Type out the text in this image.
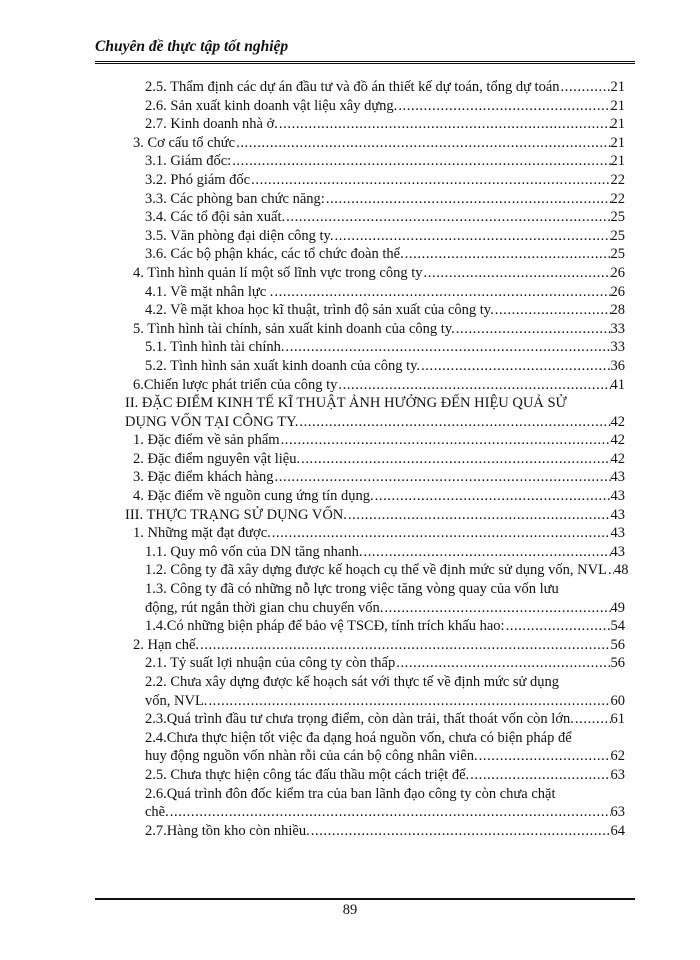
Chuyên đề thực tập tốt nghiệp
2.5. Thẩm định các dự án đầu tư và đồ án thiết kế dự toán, tổng dự toán .....	21
2.6. Sản xuất kinh doanh vật liệu xây dựng. .....	21
2.7. Kinh doanh nhà ở. .....	21
3. Cơ cấu tổ chức .....	21
3.1. Giám đốc: .....	21
3.2. Phó giám đốc .....	22
3.3. Các phòng ban chức năng: .....	22
3.4. Các tổ đội sản xuất. .....	25
3.5. Văn phòng đại diện công ty. .....	25
3.6. Các bộ phận khác, các tổ chức đoàn thể. .....	25
4. Tình hình quản lí một số lĩnh vực trong công ty .....	26
4.1. Về mặt nhân lực . .....	26
4.2. Về mặt khoa học kĩ thuật, trình độ sản xuất của công ty. .....	28
5. Tình hình tài chính, sản xuất kinh doanh của công ty. .....	33
5.1. Tình hình tài chính. .....	33
5.2. Tình hình sản xuất kinh doanh của công ty. .....	36
6.Chiến lược phát triển của công ty .....	41
II. ĐẶC ĐIỂM KINH TẾ KĨ THUẬT ẢNH HƯỞNG ĐẾN HIỆU QUẢ SỬ
DỤNG VỐN TẠI CÔNG TY. .....	42
1. Đặc điểm về sản phẩm .....	42
2. Đặc điểm nguyên vật liệu. .....	42
3. Đặc điểm khách hàng .....	43
4. Đặc điểm về nguồn cung ứng tín dụng. .....	43
III. THỰC TRẠNG SỬ DỤNG VỐN. .....	43
1. Những mặt đạt được. .....	43
1.1. Quy mô vốn của DN tăng nhanh. .....	43
1.2. Công ty đã xây dựng được kế hoạch cụ thể về định mức sử dụng vốn, NVL ..... 48
1.3. Công ty đã có những nỗ lực trong việc tăng vòng quay của vốn lưu
động, rút ngắn thời gian chu chuyển vốn. .....	49
1.4.Có những biện pháp để bảo vệ TSCĐ, tính trích khấu hao: .....	54
2. Hạn chế. .....	56
2.1. Tỷ suất lợi nhuận của công ty còn thấp .....	56
2.2. Chưa xây dựng được kế hoạch sát với thực tế về định mức sử dụng
vốn, NVL. .....	60
2.3.Quá trình đầu tư chưa trọng điểm, còn dàn trải, thất thoát vốn còn lớn. .....	61
2.4.Chưa thực hiện tốt việc đa dạng hoá nguồn vốn, chưa có biện pháp để
huy động nguồn vốn nhàn rỗi của cán bộ công nhân viên. .....	62
2.5. Chưa thực hiện công tác đấu thầu một cách triệt để. .....	63
2.6.Quá trình đôn đốc kiểm tra của ban lãnh đạo công ty còn chưa chặt
chẽ. .....	63
2.7.Hàng tồn kho còn nhiều. .....	64
89
